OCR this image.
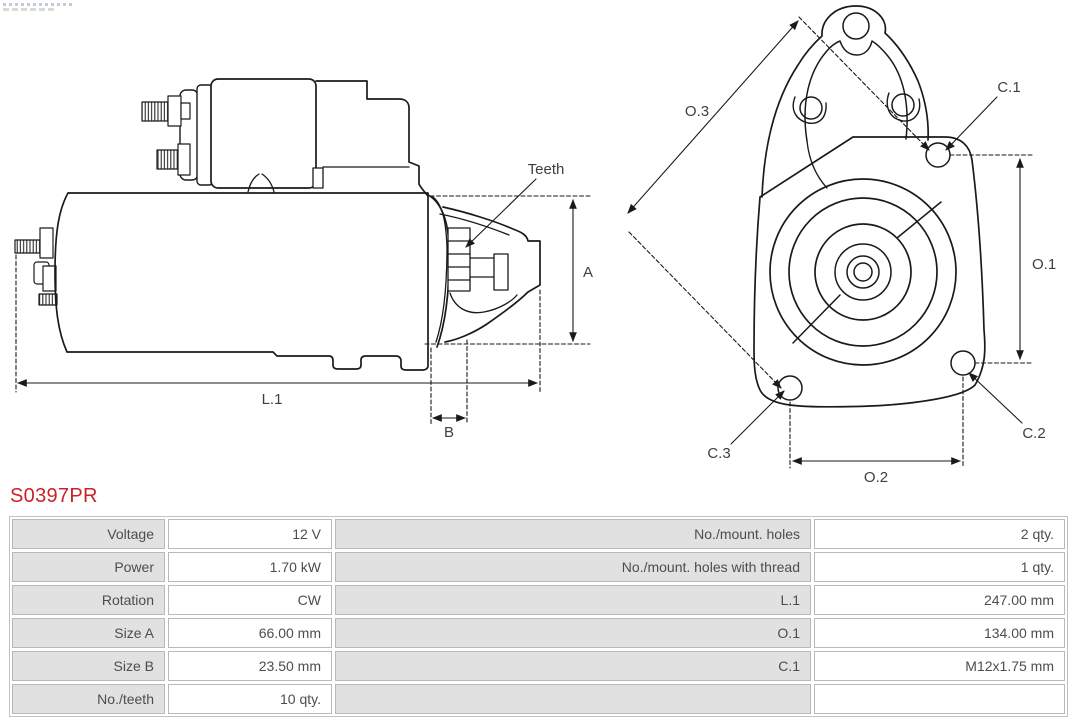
Teeth
A
L.1
B
O.3
C.1
O.1
C.2
C.3
O.2
S0397PR
Voltage	12 V	No./mount. holes	2 qty.
Power	1.70 kW	No./mount. holes with thread	1 qty.
Rotation	CW	L.1	247.00 mm
Size A	66.00 mm	O.1	134.00 mm
Size B	23.50 mm	C.1	M12x1.75 mm
No./teeth	10 qty.
